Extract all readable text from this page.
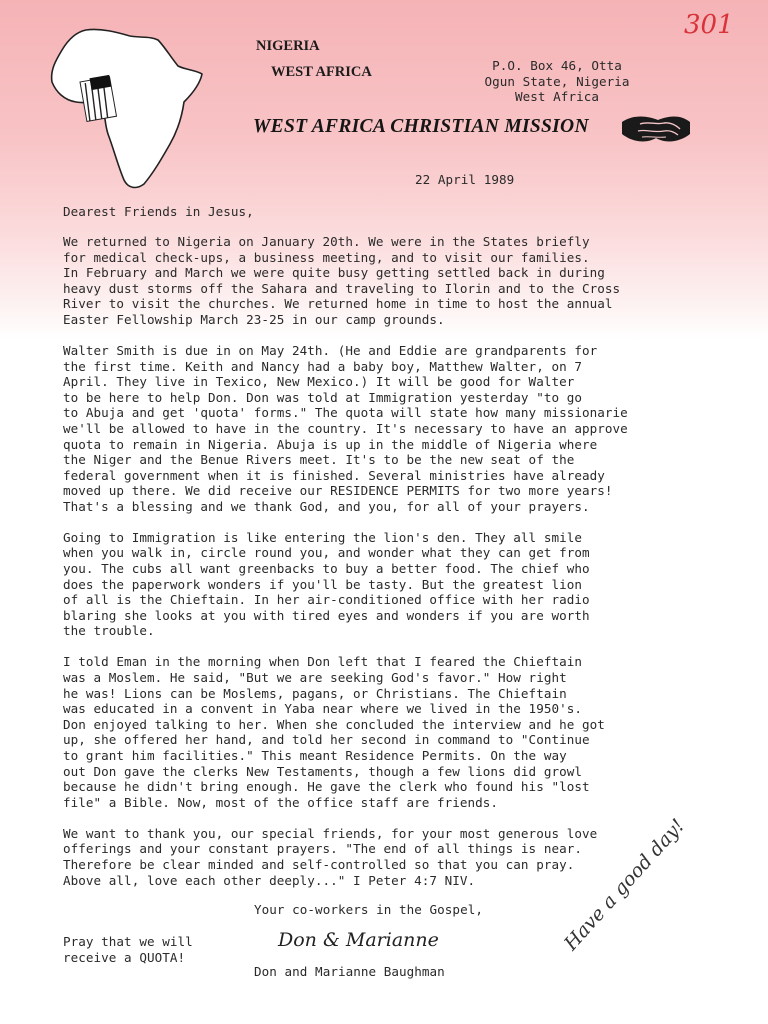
NIGERIA
WEST AFRICA	P.O. Box 46, Otta
Ogun State, Nigeria
West Africa
WEST AFRICA CHRISTIAN MISSION
301
22 April 1989
Dearest Friends in Jesus,
We returned to Nigeria on January 20th. We were in the States briefly
for medical check-ups, a business meeting, and to visit our families.
In February and March we were quite busy getting settled back in during
heavy dust storms off the Sahara and traveling to Ilorin and to the Cross
River to visit the churches. We returned home in time to host the annual
Easter Fellowship March 23-25 in our camp grounds.
Walter Smith is due in on May 24th. (He and Eddie are grandparents for
the first time. Keith and Nancy had a baby boy, Matthew Walter, on 7
April. They live in Texico, New Mexico.) It will be good for Walter
to be here to help Don. Don was told at Immigration yesterday "to go
to Abuja and get 'quota' forms." The quota will state how many missionarie
we'll be allowed to have in the country. It's necessary to have an approve
quota to remain in Nigeria. Abuja is up in the middle of Nigeria where
the Niger and the Benue Rivers meet. It's to be the new seat of the
federal government when it is finished. Several ministries have already
moved up there. We did receive our RESIDENCE PERMITS for two more years!
That's a blessing and we thank God, and you, for all of your prayers.
Going to Immigration is like entering the lion's den. They all smile
when you walk in, circle round you, and wonder what they can get from
you. The cubs all want greenbacks to buy a better food. The chief who
does the paperwork wonders if you'll be tasty. But the greatest lion
of all is the Chieftain. In her air-conditioned office with her radio
blaring she looks at you with tired eyes and wonders if you are worth
the trouble.
I told Eman in the morning when Don left that I feared the Chieftain
was a Moslem. He said, "But we are seeking God's favor." How right
he was! Lions can be Moslems, pagans, or Christians. The Chieftain
was educated in a convent in Yaba near where we lived in the 1950's.
Don enjoyed talking to her. When she concluded the interview and he got
up, she offered her hand, and told her second in command to "Continue
to grant him facilities." This meant Residence Permits. On the way
out Don gave the clerks New Testaments, though a few lions did growl
because he didn't bring enough. He gave the clerk who found his "lost
file" a Bible. Now, most of the office staff are friends.
We want to thank you, our special friends, for your most generous love
offerings and your constant prayers. "The end of all things is near.
Therefore be clear minded and self-controlled so that you can pray.
Above all, love each other deeply..." I Peter 4:7 NIV.
Your co-workers in the Gospel,
Don & Marianne
Don and Marianne Baughman
Pray that we will
receive a QUOTA!
Have a good day!
